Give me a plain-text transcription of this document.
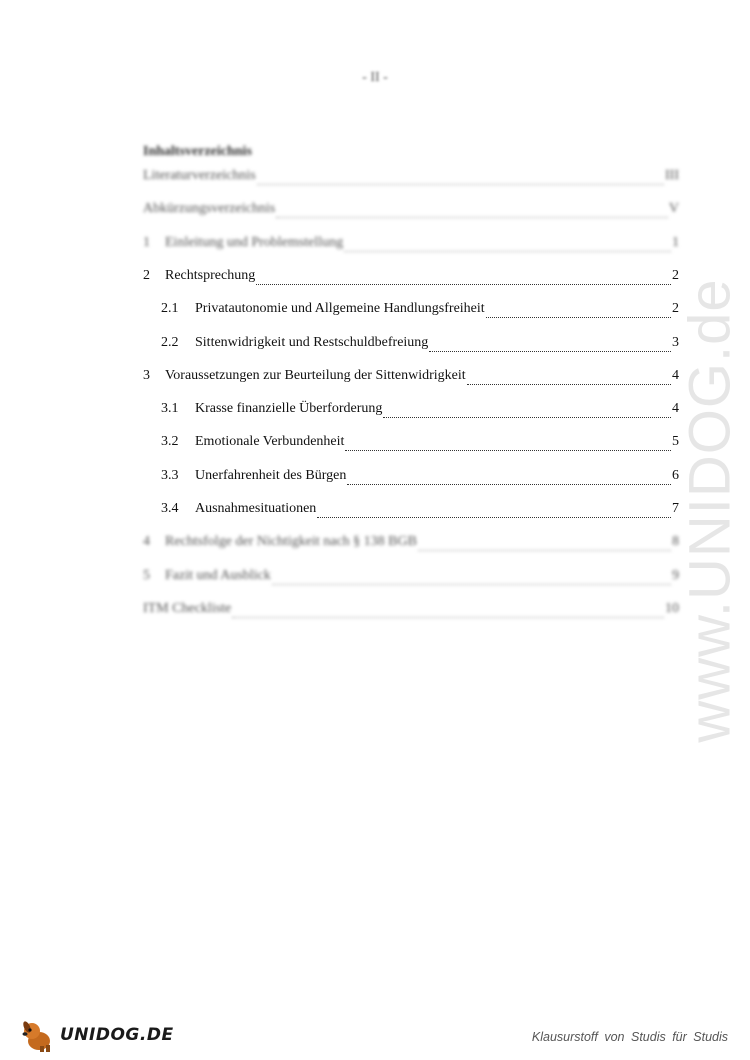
- II -
Inhaltsverzeichnis
Literaturverzeichnis	III
Abkürzungsverzeichnis	V
1	Einleitung und Problemstellung	1
2	Rechtsprechung	2
2.1	Privatautonomie und Allgemeine Handlungsfreiheit	2
2.2	Sittenwidrigkeit und Restschuldbefreiung	3
3	Voraussetzungen zur Beurteilung der Sittenwidrigkeit	4
3.1	Krasse finanzielle Überforderung	4
3.2	Emotionale Verbundenheit	5
3.3	Unerfahrenheit des Bürgen	6
3.4	Ausnahmesituationen	7
4	Rechtsfolge der Nichtigkeit nach § 138 BGB	8
5	Fazit und Ausblick	9
ITM Checkliste	10
www.UNIDOG.de
UNIDOG.DE	Klausurstoff von Studis für Studis
